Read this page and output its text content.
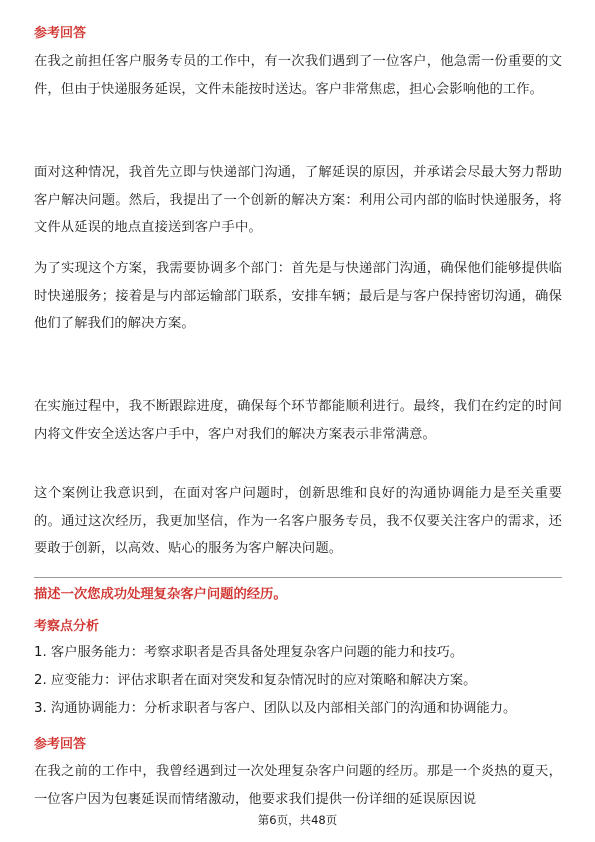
参考回答
在我之前担任客户服务专员的工作中，有一次我们遇到了一位客户，他急需一份重要的文件，但由于快递服务延误，文件未能按时送达。客户非常焦虑，担心会影响他的工作。
面对这种情况，我首先立即与快递部门沟通，了解延误的原因，并承诺会尽最大努力帮助客户解决问题。然后，我提出了一个创新的解决方案：利用公司内部的临时快递服务，将文件从延误的地点直接送到客户手中。
为了实现这个方案，我需要协调多个部门：首先是与快递部门沟通，确保他们能够提供临时快递服务；接着是与内部运输部门联系，安排车辆；最后是与客户保持密切沟通，确保他们了解我们的解决方案。
在实施过程中，我不断跟踪进度，确保每个环节都能顺利进行。最终，我们在约定的时间内将文件安全送达客户手中，客户对我们的解决方案表示非常满意。
这个案例让我意识到，在面对客户问题时，创新思维和良好的沟通协调能力是至关重要的。通过这次经历，我更加坚信，作为一名客户服务专员，我不仅要关注客户的需求，还要敢于创新，以高效、贴心的服务为客户解决问题。
描述一次您成功处理复杂客户问题的经历。
考察点分析
1. 客户服务能力：考察求职者是否具备处理复杂客户问题的能力和技巧。
2. 应变能力：评估求职者在面对突发和复杂情况时的应对策略和解决方案。
3. 沟通协调能力：分析求职者与客户、团队以及内部相关部门的沟通和协调能力。
参考回答
在我之前的工作中，我曾经遇到过一次处理复杂客户问题的经历。那是一个炎热的夏天，一位客户因为包裹延误而情绪激动，他要求我们提供一份详细的延误原因说
第6页，共48页
